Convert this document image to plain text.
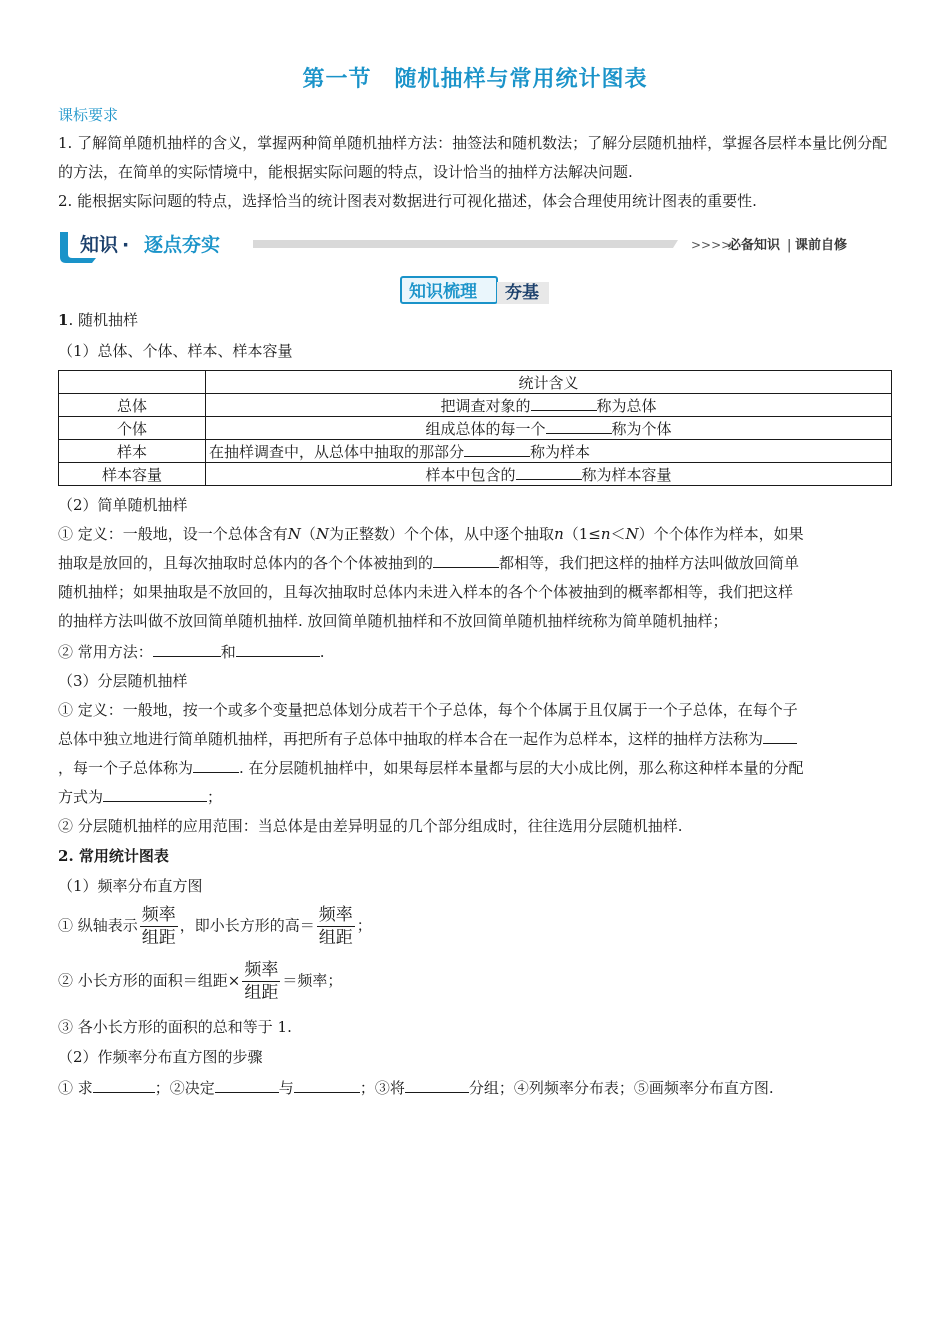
第一节　随机抽样与常用统计图表
课标要求
1. 了解简单随机抽样的含义，掌握两种简单随机抽样方法：抽签法和随机数法；了解分层随机抽样，掌握各层样本量比例分配的方法，在简单的实际情境中，能根据实际问题的特点，设计恰当的抽样方法解决问题.
2. 能根据实际问题的特点，选择恰当的统计图表对数据进行可视化描述，体会合理使用统计图表的重要性.
知识 · 逐点夯实	>>>>
必备知识 | 课前自修
知识梳理 夯基
1. 随机抽样
（1）总体、个体、样本、样本容量
	统计含义
总体	把调查对象的 称为总体
个体	组成总体的每一个 称为个体
样本	在抽样调查中，从总体中抽取的那部分 称为样本
样本容量	样本中包含的 称为样本容量
（2）简单随机抽样
① 定义：一般地，设一个总体含有N（N为正整数）个个体，从中逐个抽取n（1≤n＜N）个个体作为样本，如果
抽取是放回的，且每次抽取时总体内的各个个体被抽到的	都相等，我们把这样的抽样方法叫做放回简单
随机抽样；如果抽取是不放回的，且每次抽取时总体内未进入样本的各个个体被抽到的概率都相等，我们把这样
的抽样方法叫做不放回简单随机抽样. 放回简单随机抽样和不放回简单随机抽样统称为简单随机抽样；
② 常用方法：	和	.
（3）分层随机抽样
① 定义：一般地，按一个或多个变量把总体划分成若干个子总体，每个个体属于且仅属于一个子总体，在每个子
总体中独立地进行简单随机抽样，再把所有子总体中抽取的样本合在一起作为总样本，这样的抽样方法称为
，每一个子总体称为	. 在分层随机抽样中，如果每层样本量都与层的大小成比例，那么称这种样本量的分配
方式为	；
② 分层随机抽样的应用范围：当总体是由差异明显的几个部分组成时，往往选用分层随机抽样.
2. 常用统计图表
（1）频率分布直方图
① 纵轴表示 $\frac{\text{频率}}{\text{组距}}$ ，即小长方形的高＝ $\frac{\text{频率}}{\text{组距}}$ ；
② 小长方形的面积＝组距× $\frac{\text{频率}}{\text{组距}}$ ＝频率；
③ 各小长方形的面积的总和等于 1.
（2）作频率分布直方图的步骤
① 求	；②决定	与	；③将	分组；④列频率分布表；⑤画频率分布直方图.
